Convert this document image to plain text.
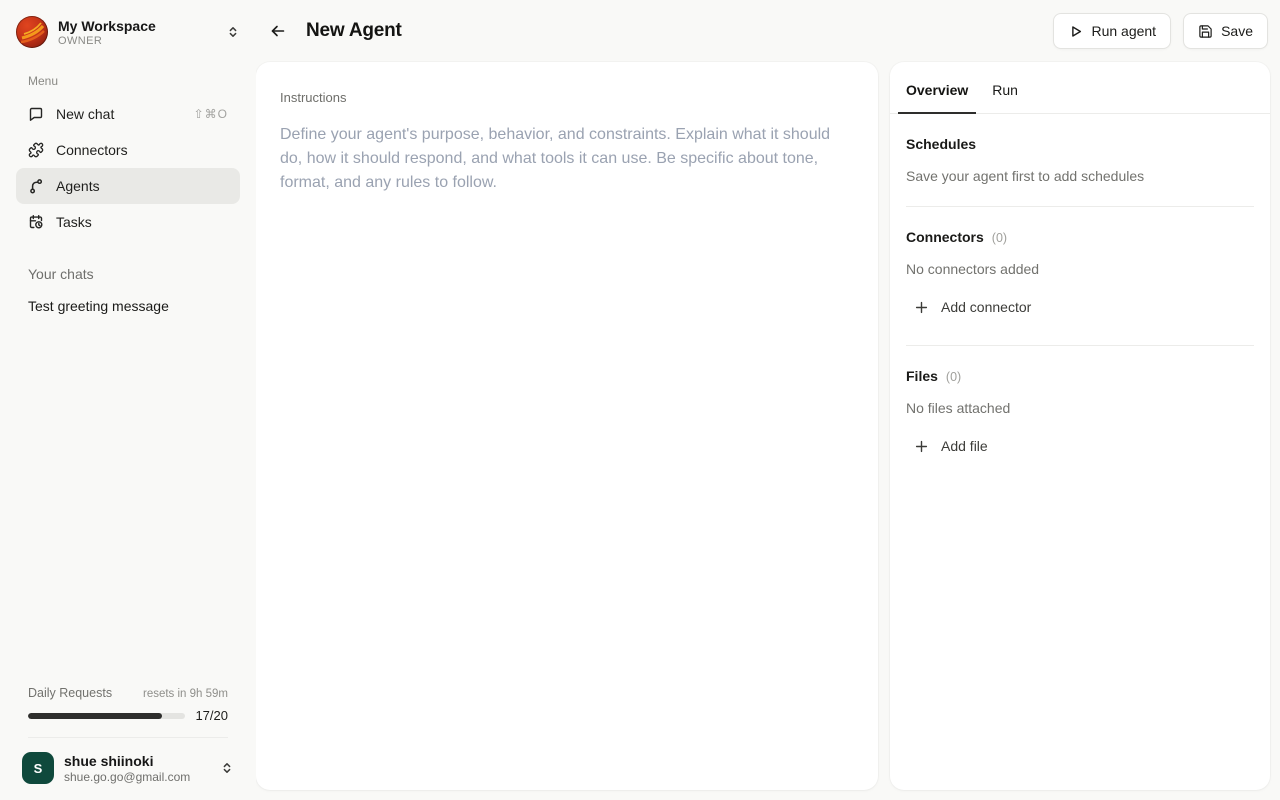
My Workspace
OWNER
Menu
New chat	⇧⌘O
Connectors
Agents
Tasks
Your chats
Test greeting message
Daily Requests	resets in 9h 59m
17/20
S	shue shiinoki
shue.go.go@gmail.com
New Agent	Run agent	Save
Instructions
Define your agent's purpose, behavior, and constraints. Explain what it should do, how it should respond, and what tools it can use. Be specific about tone, format, and any rules to follow.
Overview	Run
Schedules
Save your agent first to add schedules
Connectors (0)
No connectors added
Add connector
Files (0)
No files attached
Add file
